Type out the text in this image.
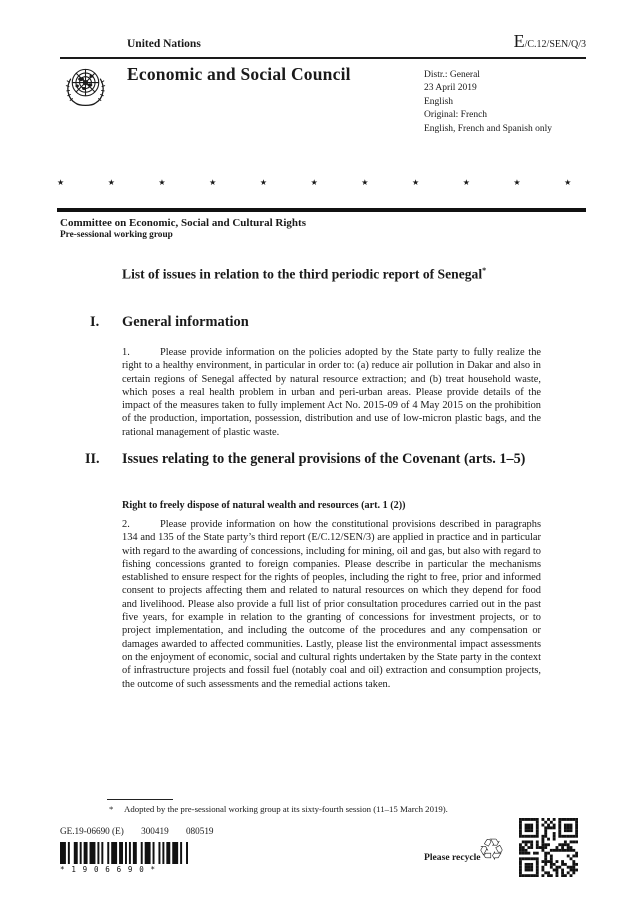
United Nations	E/C.12/SEN/Q/3
Economic and Social Council	Distr.: General
23 April 2019
English
Original: French
English, French and Spanish only
★ ★ ★ ★ ★ ★ ★ ★ ★ ★ ★
Committee on Economic, Social and Cultural Rights
Pre-sessional working group
List of issues in relation to the third periodic report of Senegal*
I. General information
1.	Please provide information on the policies adopted by the State party to fully realize the right to a healthy environment, in particular in order to: (a) reduce air pollution in Dakar and also in certain regions of Senegal affected by natural resource extraction; and (b) treat household waste, which poses a real health problem in urban and peri-urban areas. Please provide details of the impact of the measures taken to fully implement Act No. 2015-09 of 4 May 2015 on the prohibition of the production, importation, possession, distribution and use of low-micron plastic bags, and the rational management of plastic waste.
II. Issues relating to the general provisions of the Covenant (arts. 1–5)
Right to freely dispose of natural wealth and resources (art. 1 (2))
2.	Please provide information on how the constitutional provisions described in paragraphs 134 and 135 of the State party’s third report (E/C.12/SEN/3) are applied in practice and in particular with regard to the awarding of concessions, including for mining, oil and gas, but also with regard to fishing concessions granted to foreign companies. Please describe in particular the mechanisms established to ensure respect for the rights of peoples, including the right to free, prior and informed consent to projects affecting them and related to natural resources on which they depend for food and livelihood. Please also provide a full list of prior consultation procedures carried out in the past five years, for example in relation to the granting of concessions for investment projects, or to project implementation, and including the outcome of the procedures and any compensation or damages awarded to affected communities. Lastly, please list the environmental impact assessments on the enjoyment of economic, social and cultural rights undertaken by the State party in the context of infrastructure projects and fossil fuel (notably coal and oil) extraction and consumption projects, the outcome of such assessments and the remedial actions taken.
* Adopted by the pre-sessional working group at its sixty-fourth session (11–15 March 2019).
GE.19-06690 (E) 300419 080519
*1906690*
Please recycle
♲
